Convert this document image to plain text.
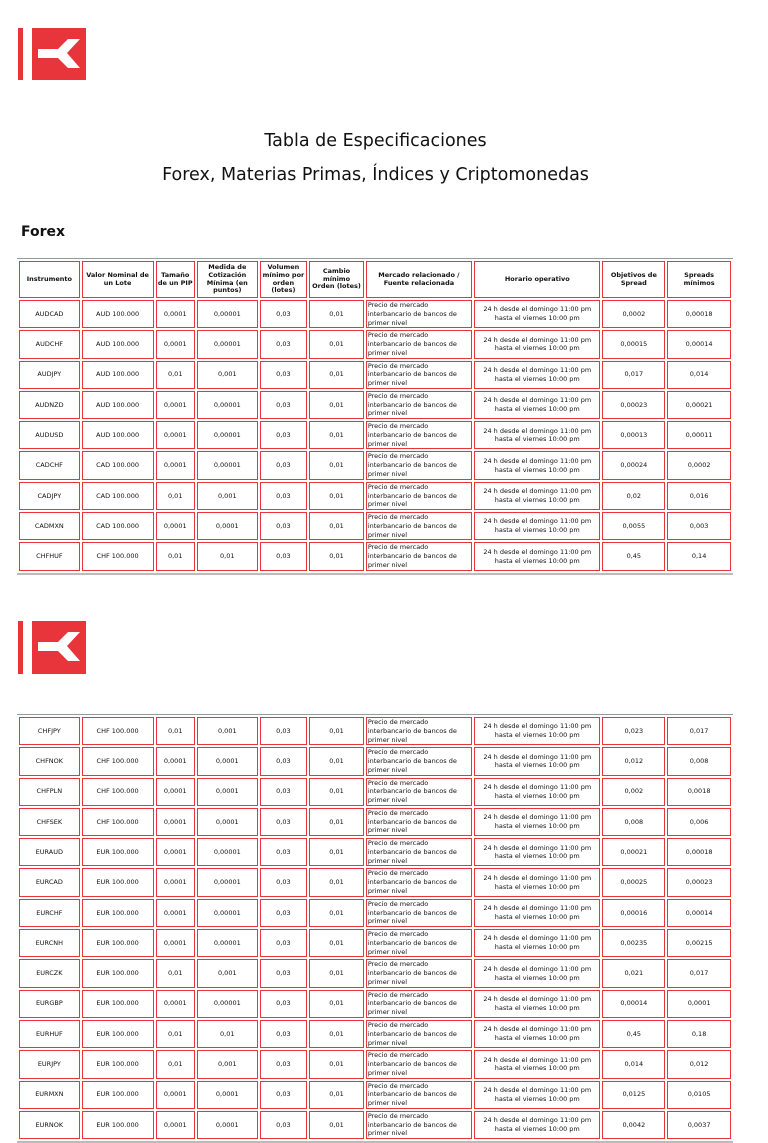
Tabla de Especificaciones
Forex, Materias Primas, Índices y Criptomonedas
Forex
Instrumento	Valor Nominal de un Lote	Tamaño de un PIP	Medida de Cotización Mínima (en puntos)	Volumen mínimo por orden (lotes)	Cambio mínimo Orden (lotes)	Mercado relacionado / Fuente relacionada	Horario operativo	Objetivos de Spread	Spreads mínimos
AUDCAD	AUD 100.000	0,0001	0,00001	0,03	0,01	Precio de mercado interbancario de bancos de primer nivel	24 h desde el domingo 11:00 pm hasta el viernes 10:00 pm	0,0002	0,00018
AUDCHF	AUD 100.000	0,0001	0,00001	0,03	0,01	Precio de mercado interbancario de bancos de primer nivel	24 h desde el domingo 11:00 pm hasta el viernes 10:00 pm	0,00015	0,00014
AUDJPY	AUD 100.000	0,01	0,001	0,03	0,01	Precio de mercado interbancario de bancos de primer nivel	24 h desde el domingo 11:00 pm hasta el viernes 10:00 pm	0,017	0,014
AUDNZD	AUD 100.000	0,0001	0,00001	0,03	0,01	Precio de mercado interbancario de bancos de primer nivel	24 h desde el domingo 11:00 pm hasta el viernes 10:00 pm	0,00023	0,00021
AUDUSD	AUD 100.000	0,0001	0,00001	0,03	0,01	Precio de mercado interbancario de bancos de primer nivel	24 h desde el domingo 11:00 pm hasta el viernes 10:00 pm	0,00013	0,00011
CADCHF	CAD 100.000	0,0001	0,00001	0,03	0,01	Precio de mercado interbancario de bancos de primer nivel	24 h desde el domingo 11:00 pm hasta el viernes 10:00 pm	0,00024	0,0002
CADJPY	CAD 100.000	0,01	0,001	0,03	0,01	Precio de mercado interbancario de bancos de primer nivel	24 h desde el domingo 11:00 pm hasta el viernes 10:00 pm	0,02	0,016
CADMXN	CAD 100.000	0,0001	0,0001	0,03	0,01	Precio de mercado interbancario de bancos de primer nivel	24 h desde el domingo 11:00 pm hasta el viernes 10:00 pm	0,0055	0,003
CHFHUF	CHF 100.000	0,01	0,01	0,03	0,01	Precio de mercado interbancario de bancos de primer nivel	24 h desde el domingo 11:00 pm hasta el viernes 10:00 pm	0,45	0,14
CHFJPY	CHF 100.000	0,01	0,001	0,03	0,01	Precio de mercado interbancario de bancos de primer nivel	24 h desde el domingo 11:00 pm hasta el viernes 10:00 pm	0,023	0,017
CHFNOK	CHF 100.000	0,0001	0,0001	0,03	0,01	Precio de mercado interbancario de bancos de primer nivel	24 h desde el domingo 11:00 pm hasta el viernes 10:00 pm	0,012	0,008
CHFPLN	CHF 100.000	0,0001	0,0001	0,03	0,01	Precio de mercado interbancario de bancos de primer nivel	24 h desde el domingo 11:00 pm hasta el viernes 10:00 pm	0,002	0,0018
CHFSEK	CHF 100.000	0,0001	0,0001	0,03	0,01	Precio de mercado interbancario de bancos de primer nivel	24 h desde el domingo 11:00 pm hasta el viernes 10:00 pm	0,008	0,006
EURAUD	EUR 100.000	0,0001	0,00001	0,03	0,01	Precio de mercado interbancario de bancos de primer nivel	24 h desde el domingo 11:00 pm hasta el viernes 10:00 pm	0,00021	0,00018
EURCAD	EUR 100.000	0,0001	0,00001	0,03	0,01	Precio de mercado interbancario de bancos de primer nivel	24 h desde el domingo 11:00 pm hasta el viernes 10:00 pm	0,00025	0,00023
EURCHF	EUR 100.000	0,0001	0,00001	0,03	0,01	Precio de mercado interbancario de bancos de primer nivel	24 h desde el domingo 11:00 pm hasta el viernes 10:00 pm	0,00016	0,00014
EURCNH	EUR 100.000	0,0001	0,00001	0,03	0,01	Precio de mercado interbancario de bancos de primer nivel	24 h desde el domingo 11:00 pm hasta el viernes 10:00 pm	0,00235	0,00215
EURCZK	EUR 100.000	0,01	0,001	0,03	0,01	Precio de mercado interbancario de bancos de primer nivel	24 h desde el domingo 11:00 pm hasta el viernes 10:00 pm	0,021	0,017
EURGBP	EUR 100.000	0,0001	0,00001	0,03	0,01	Precio de mercado interbancario de bancos de primer nivel	24 h desde el domingo 11:00 pm hasta el viernes 10:00 pm	0,00014	0,0001
EURHUF	EUR 100.000	0,01	0,01	0,03	0,01	Precio de mercado interbancario de bancos de primer nivel	24 h desde el domingo 11:00 pm hasta el viernes 10:00 pm	0,45	0,18
EURJPY	EUR 100.000	0,01	0,001	0,03	0,01	Precio de mercado interbancario de bancos de primer nivel	24 h desde el domingo 11:00 pm hasta el viernes 10:00 pm	0,014	0,012
EURMXN	EUR 100.000	0,0001	0,0001	0,03	0,01	Precio de mercado interbancario de bancos de primer nivel	24 h desde el domingo 11:00 pm hasta el viernes 10:00 pm	0,0125	0,0105
EURNOK	EUR 100.000	0,0001	0,0001	0,03	0,01	Precio de mercado interbancario de bancos de primer nivel	24 h desde el domingo 11:00 pm hasta el viernes 10:00 pm	0,0042	0,0037
